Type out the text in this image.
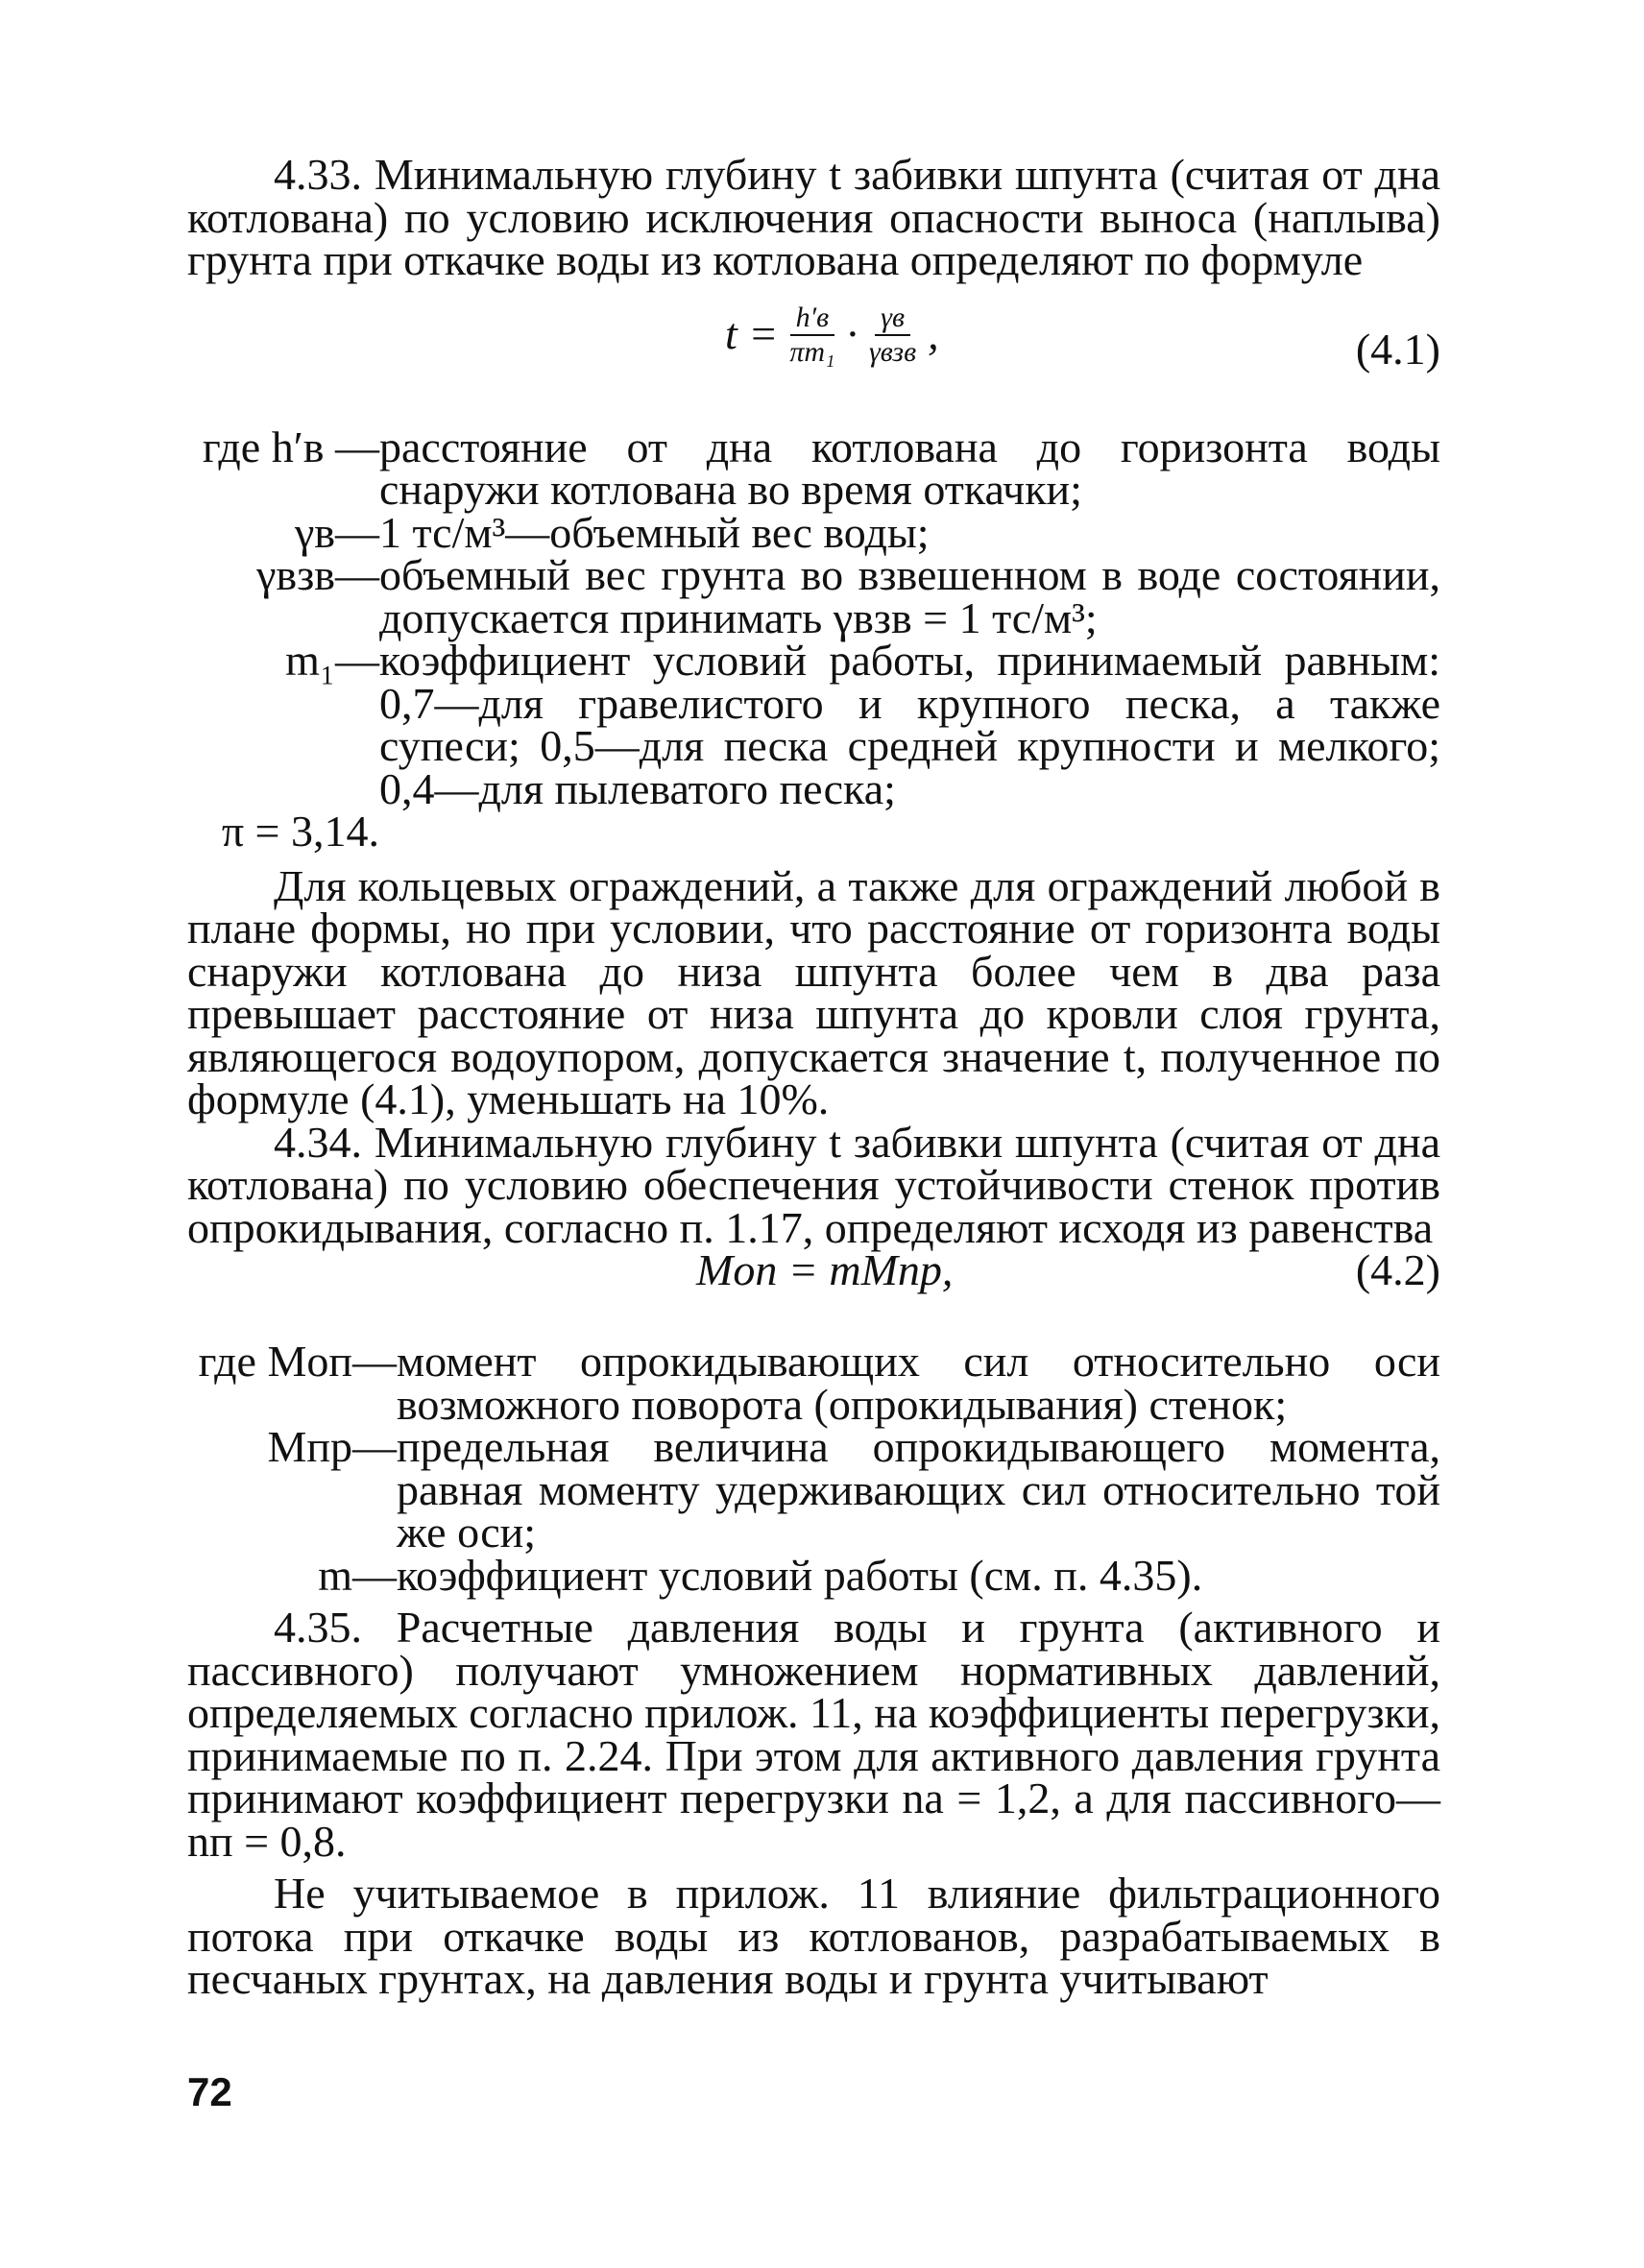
4.33. Минимальную глубину t забивки шпунта (считая от дна котлована) по условию исключения опасности выноса (наплыва) грунта при откачке воды из котлована определяют по формуле

$t = \frac{h'в}{\text{πm₁}} \cdot \frac{\gamma в}{\text{γвзв}}$ ,	(4.1)
где h′в — расстояние от дна котлована до горизонта воды снаружи котлована во время откачки;
γв— 1 тс/м³—объемный вес воды;
γвзв— объемный вес грунта во взвешенном в воде состоянии, допускается принимать γвзв = 1 тс/м³;
m₁— коэффициент условий работы, принимаемый равным: 0,7—для гравелистого и крупного песка, а также супеси; 0,5—для песка средней крупности и мелкого; 0,4—для пылеватого песка;
π = 3,14.

Для кольцевых ограждений, а также для ограждений любой в плане формы, но при условии, что расстояние от горизонта воды снаружи котлована до низа шпунта более чем в два раза превышает расстояние от низа шпунта до кровли слоя грунта, являющегося водоупором, допускается значение t, полученное по формуле (4.1), уменьшать на 10%.

4.34. Минимальную глубину t забивки шпунта (считая от дна котлована) по условию обеспечения устойчивости стенок против опрокидывания, согласно п. 1.17, определяют исходя из равенства

Mоп = mMпр,	(4.2)
где Mоп— момент опрокидывающих сил относительно оси возможного поворота (опрокидывания) стенок;
Mпр— предельная величина опрокидывающего момента, равная моменту удерживающих сил относительно той же оси;
m— коэффициент условий работы (см. п. 4.35).

4.35. Расчетные давления воды и грунта (активного и пассивного) получают умножением нормативных давлений, определяемых согласно прилож. 11, на коэффициенты перегрузки, принимаемые по п. 2.24. При этом для активного давления грунта принимают коэффициент перегрузки nа = 1,2, а для пассивного—nп = 0,8.

Не учитываемое в прилож. 11 влияние фильтрационного потока при откачке воды из котлованов, разрабатываемых в песчаных грунтах, на давления воды и грунта учитывают

72
